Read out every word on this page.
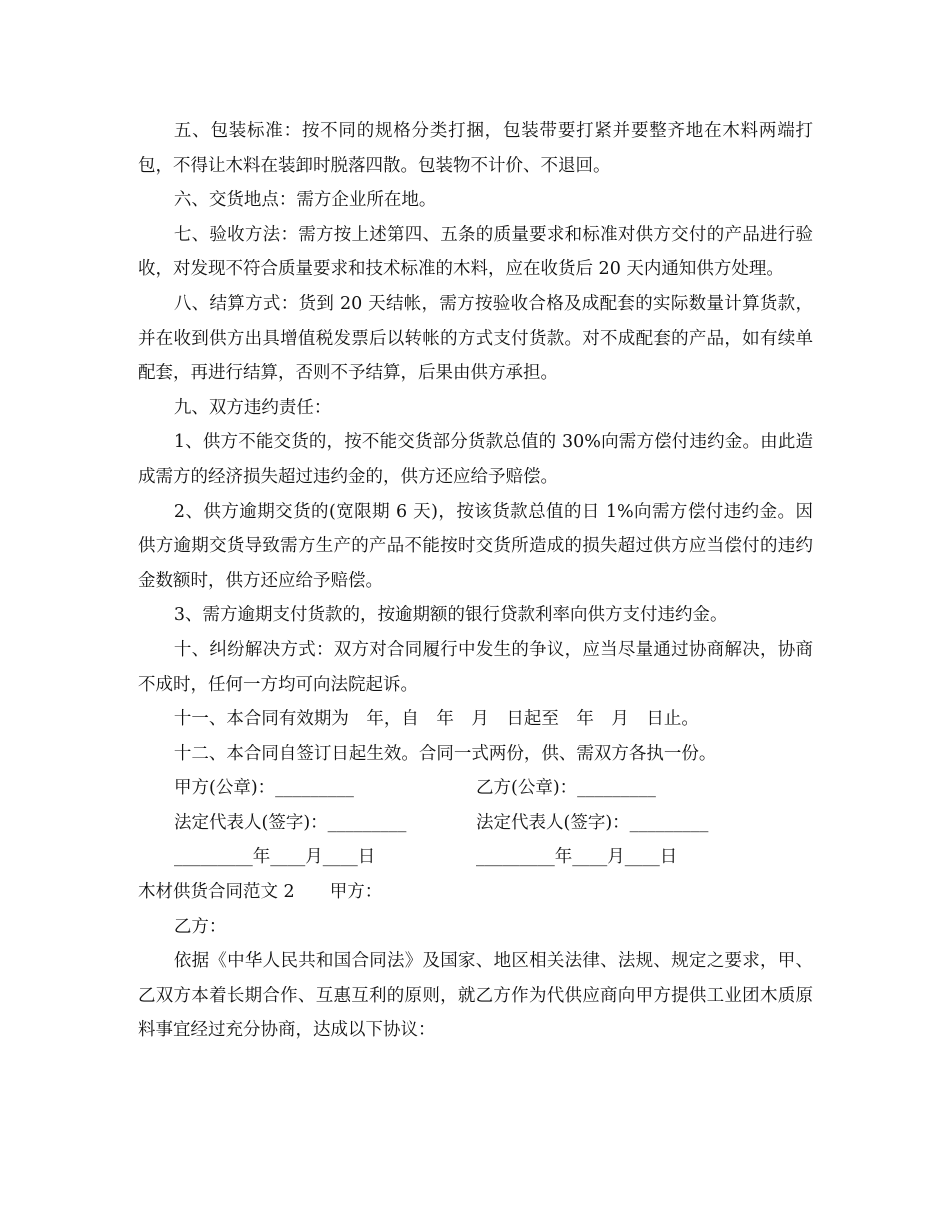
五、包装标准：按不同的规格分类打捆，包装带要打紧并要整齐地在木料两端打包，不得让木料在装卸时脱落四散。包装物不计价、不退回。

六、交货地点：需方企业所在地。

七、验收方法：需方按上述第四、五条的质量要求和标准对供方交付的产品进行验收，对发现不符合质量要求和技术标准的木料，应在收货后 20 天内通知供方处理。

八、结算方式：货到 20 天结帐，需方按验收合格及成配套的实际数量计算货款，并在收到供方出具增值税发票后以转帐的方式支付货款。对不成配套的产品，如有续单配套，再进行结算，否则不予结算，后果由供方承担。

九、双方违约责任：

1、供方不能交货的，按不能交货部分货款总值的 30%向需方偿付违约金。由此造成需方的经济损失超过违约金的，供方还应给予赔偿。

2、供方逾期交货的(宽限期 6 天)，按该货款总值的日 1%向需方偿付违约金。因供方逾期交货导致需方生产的产品不能按时交货所造成的损失超过供方应当偿付的违约金数额时，供方还应给予赔偿。

3、需方逾期支付货款的，按逾期额的银行贷款利率向供方支付违约金。

十、纠纷解决方式：双方对合同履行中发生的争议，应当尽量通过协商解决，协商不成时，任何一方均可向法院起诉。

十一、本合同有效期为　年，自　年　月　日起至　年　月　日止。

十二、本合同自签订日起生效。合同一式两份，供、需双方各执一份。

甲方(公章)：_________	乙方(公章)：_________
法定代表人(签字)：_________	法定代表人(签字)：_________
_________年____月____日	_________年____月____日

木材供货合同范文 2　　甲方：

乙方：

依据《中华人民共和国合同法》及国家、地区相关法律、法规、规定之要求，甲、乙双方本着长期合作、互惠互利的原则，就乙方作为代供应商向甲方提供工业团木质原料事宜经过充分协商，达成以下协议：
